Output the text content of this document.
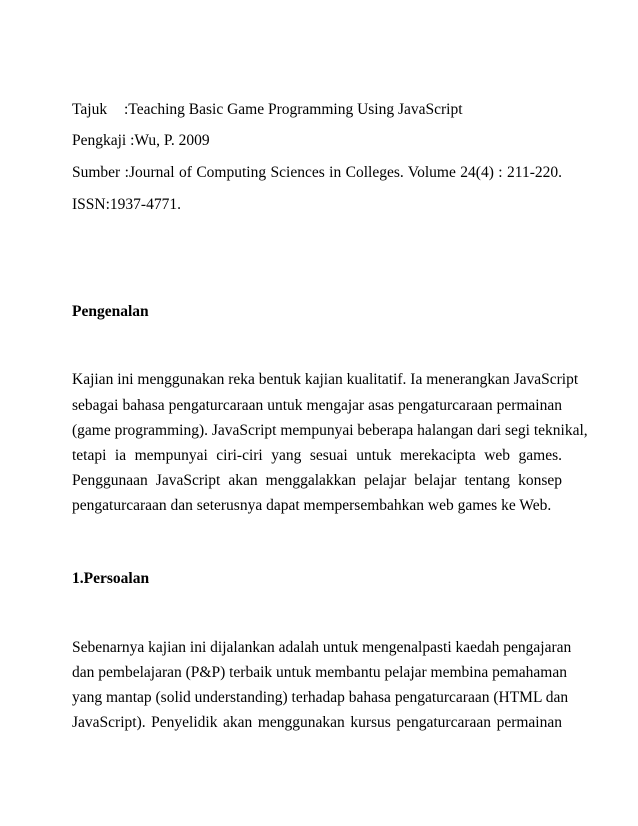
Tajuk :Teaching Basic Game Programming Using JavaScript
Pengkaji :Wu, P. 2009
Sumber :Journal of Computing Sciences in Colleges. Volume 24(4) : 211-220.
ISSN:1937-4771.
Pengenalan
Kajian ini menggunakan reka bentuk kajian kualitatif. Ia menerangkan JavaScript
sebagai bahasa pengaturcaraan untuk mengajar asas pengaturcaraan permainan
(game programming). JavaScript mempunyai beberapa halangan dari segi teknikal,
tetapi ia mempunyai ciri-ciri yang sesuai untuk merekacipta web games.
Penggunaan JavaScript akan menggalakkan pelajar belajar tentang konsep
pengaturcaraan dan seterusnya dapat mempersembahkan web games ke Web.
1.Persoalan
Sebenarnya kajian ini dijalankan adalah untuk mengenalpasti kaedah pengajaran
dan pembelajaran (P&P) terbaik untuk membantu pelajar membina pemahaman
yang mantap (solid understanding) terhadap bahasa pengaturcaraan (HTML dan
JavaScript). Penyelidik akan menggunakan kursus pengaturcaraan permainan
